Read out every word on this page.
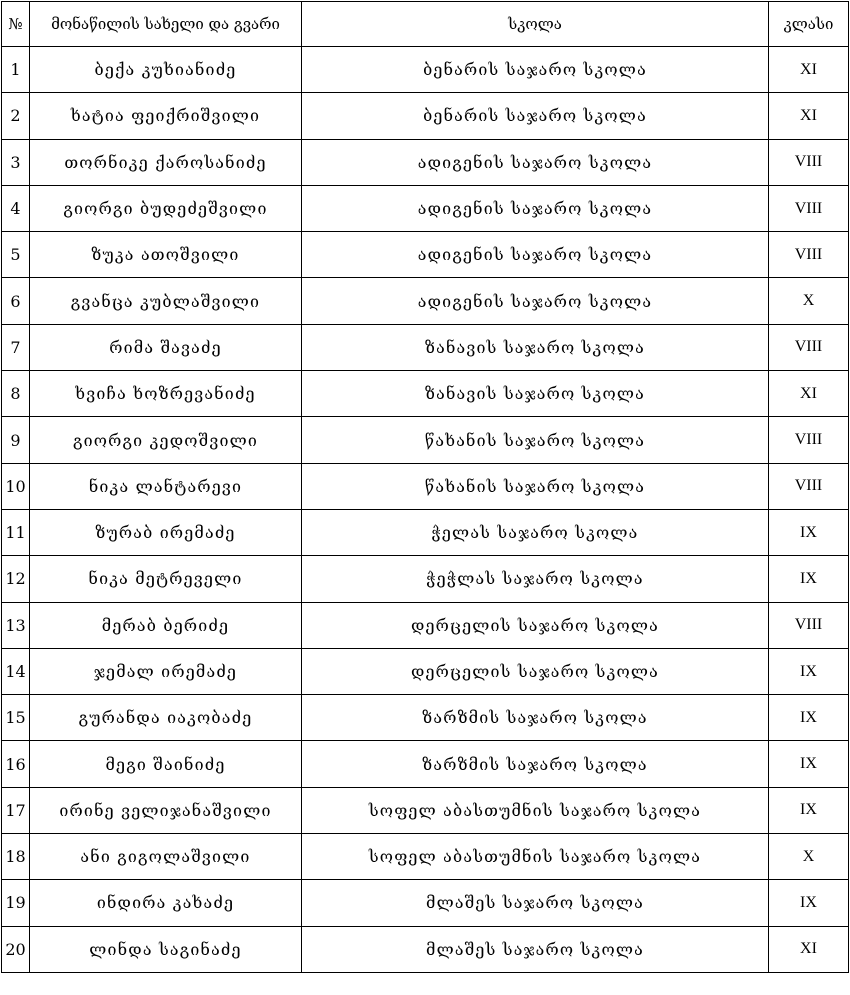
№	მონაწილის სახელი და გვარი	სკოლა	კლასი
1	ბექა კუხიანიძე	ბენარის საჯარო სკოლა	XI
2	ხატია ფეიქრიშვილი	ბენარის საჯარო სკოლა	XI
3	თორნიკე ქაროსანიძე	ადიგენის საჯარო სკოლა	VIII
4	გიორგი ბუდეძეშვილი	ადიგენის საჯარო სკოლა	VIII
5	ზუკა ათოშვილი	ადიგენის საჯარო სკოლა	VIII
6	გვანცა კუბლაშვილი	ადიგენის საჯარო სკოლა	X
7	რიმა შავაძე	ზანავის საჯარო სკოლა	VIII
8	ხვიჩა ხოზრევანიძე	ზანავის საჯარო სკოლა	XI
9	გიორგი კედოშვილი	წახანის საჯარო სკოლა	VIII
10	ნიკა ლანტარევი	წახანის საჯარო სკოლა	VIII
11	ზურაბ ირემაძე	ჭელას საჯარო სკოლა	IX
12	ნიკა მეტრეველი	ჭეჭლას საჯარო სკოლა	IX
13	მერაბ ბერიძე	დერცელის საჯარო სკოლა	VIII
14	ჯემალ ირემაძე	დერცელის საჯარო სკოლა	IX
15	გურანდა იაკობაძე	ზარზმის საჯარო სკოლა	IX
16	მეგი შაინიძე	ზარზმის საჯარო სკოლა	IX
17	ირინე ველიჯანაშვილი	სოფელ აბასთუმნის საჯარო სკოლა	IX
18	ანი გიგოლაშვილი	სოფელ აბასთუმნის საჯარო სკოლა	X
19	ინდირა კახაძე	მლაშეს საჯარო სკოლა	IX
20	ლინდა საგინაძე	მლაშეს საჯარო სკოლა	XI
